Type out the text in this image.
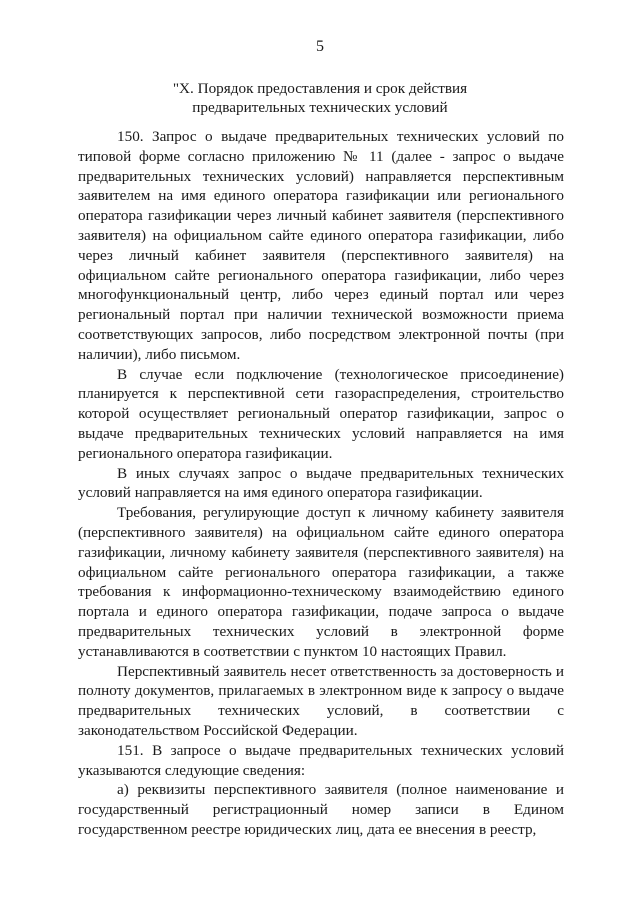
5
"X. Порядок предоставления и срок действия
предварительных технических условий

150. Запрос о выдаче предварительных технических условий по типовой форме согласно приложению № 11 (далее - запрос о выдаче предварительных технических условий) направляется перспективным заявителем на имя единого оператора газификации или регионального оператора газификации через личный кабинет заявителя (перспективного заявителя) на официальном сайте единого оператора газификации, либо через личный кабинет заявителя (перспективного заявителя) на официальном сайте регионального оператора газификации, либо через многофункциональный центр, либо через единый портал или через региональный портал при наличии технической возможности приема соответствующих запросов, либо посредством электронной почты (при наличии), либо письмом.

В случае если подключение (технологическое присоединение) планируется к перспективной сети газораспределения, строительство которой осуществляет региональный оператор газификации, запрос о выдаче предварительных технических условий направляется на имя регионального оператора газификации.

В иных случаях запрос о выдаче предварительных технических условий направляется на имя единого оператора газификации.

Требования, регулирующие доступ к личному кабинету заявителя (перспективного заявителя) на официальном сайте единого оператора газификации, личному кабинету заявителя (перспективного заявителя) на официальном сайте регионального оператора газификации, а также требования к информационно-техническому взаимодействию единого портала и единого оператора газификации, подаче запроса о выдаче предварительных технических условий в электронной форме устанавливаются в соответствии с пунктом 10 настоящих Правил.

Перспективный заявитель несет ответственность за достоверность и полноту документов, прилагаемых в электронном виде к запросу о выдаче предварительных технических условий, в соответствии с законодательством Российской Федерации.

151. В запросе о выдаче предварительных технических условий указываются следующие сведения:

а) реквизиты перспективного заявителя (полное наименование и государственный регистрационный номер записи в Едином государственном реестре юридических лиц, дата ее внесения в реестр,
